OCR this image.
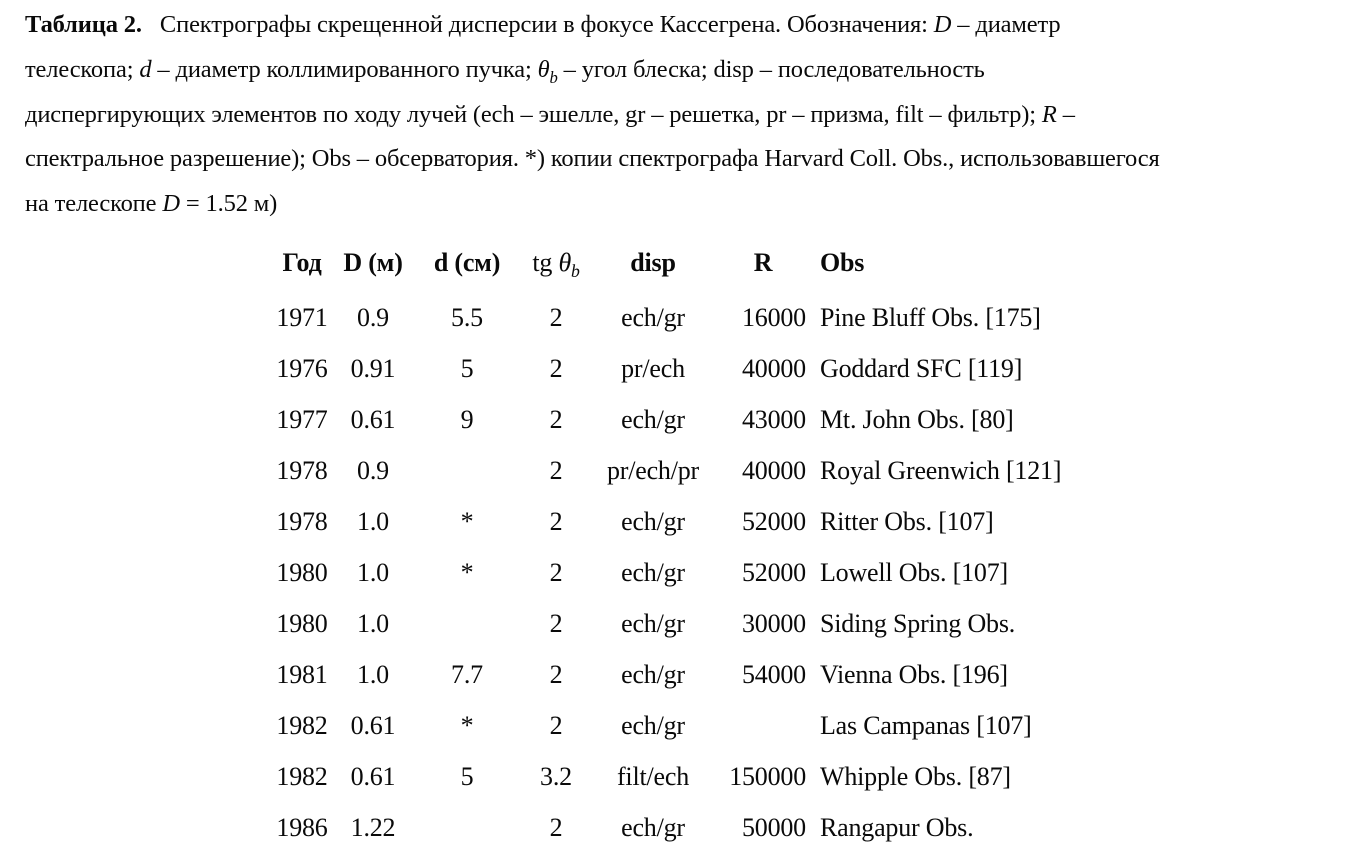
Таблица 2.  Спектрографы скрещенной дисперсии в фокусе Кассегрена. Обозначения: D – диаметр
телескопа; d – диаметр коллимированного пучка; $\theta_b$ – угол блеска; disp – последовательность
диспергирующих элементов по ходу лучей (ech – эшелле, gr – решетка, pr – призма, filt – фильтр); R –
спектральное разрешение); Obs – обсерватория. *) копии спектрографа Harvard Coll. Obs., использовавшегося
на телескопе D = 1.52 м)
Год	D (м)	d (см)	tg $\theta_b$	disp	R	Obs
1971	0.9	5.5	2	ech/gr	16000	Pine Bluff Obs. [175]
1976	0.91	5	2	pr/ech	40000	Goddard SFC [119]
1977	0.61	9	2	ech/gr	43000	Mt. John Obs. [80]
1978	0.9		2	pr/ech/pr	40000	Royal Greenwich [121]
1978	1.0	*	2	ech/gr	52000	Ritter Obs. [107]
1980	1.0	*	2	ech/gr	52000	Lowell Obs. [107]
1980	1.0		2	ech/gr	30000	Siding Spring Obs.
1981	1.0	7.7	2	ech/gr	54000	Vienna Obs. [196]
1982	0.61	*	2	ech/gr		Las Campanas [107]
1982	0.61	5	3.2	filt/ech	150000	Whipple Obs. [87]
1986	1.22		2	ech/gr	50000	Rangapur Obs.
